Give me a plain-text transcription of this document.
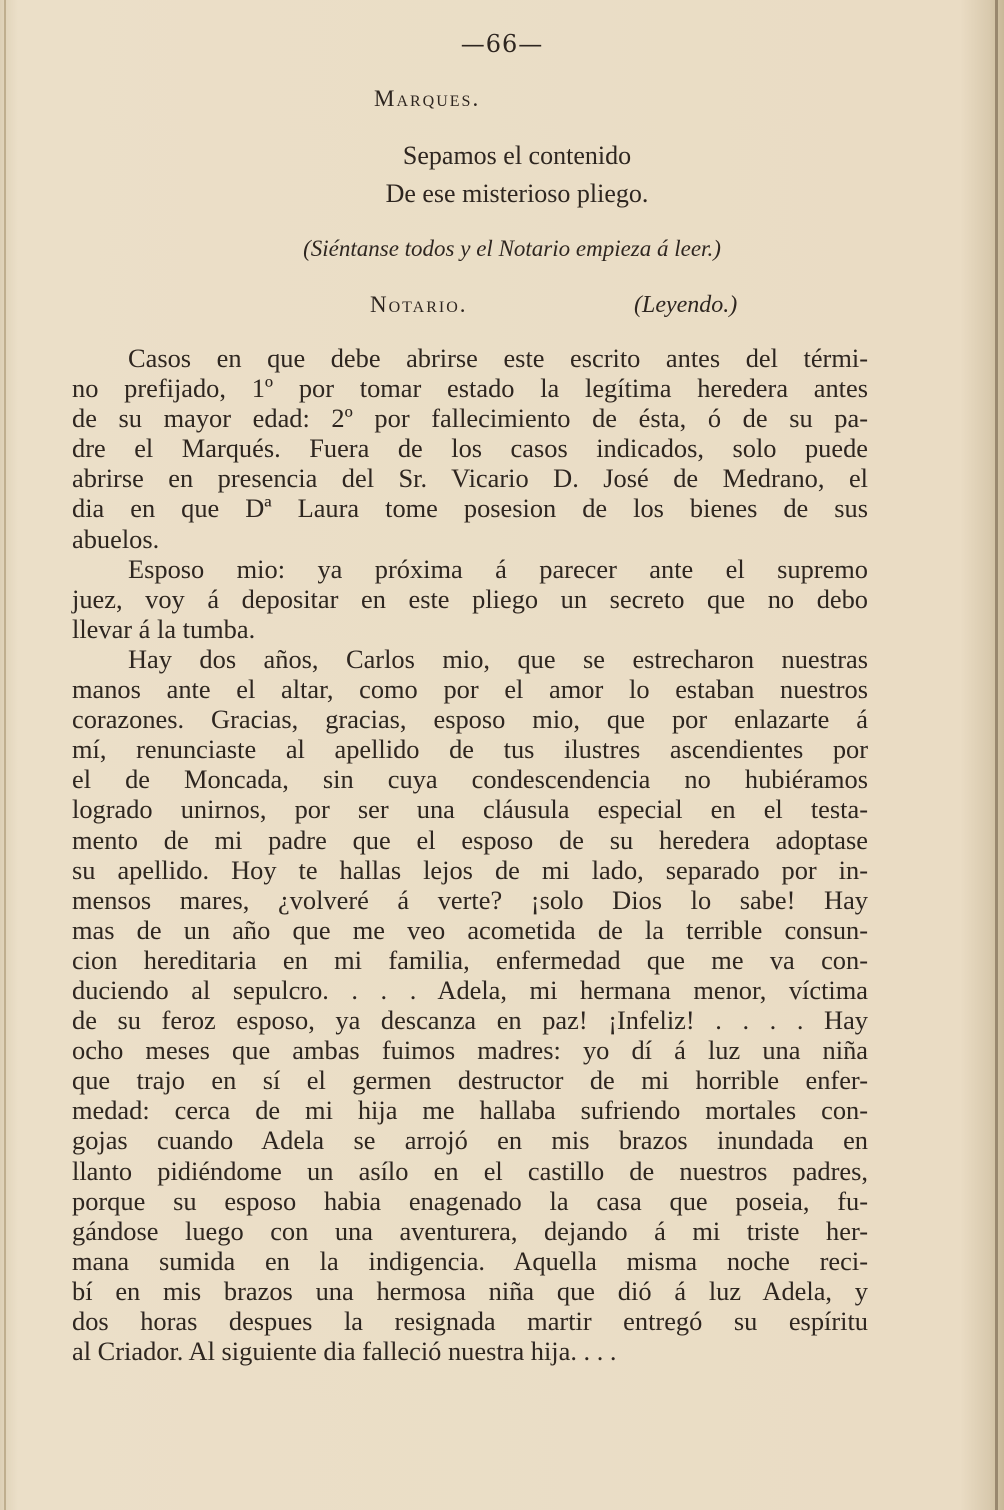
—66—
Marques.
Sepamos el contenido
De ese misterioso pliego.
(Siéntanse todos y el Notario empieza á leer.)
Notario.	(Leyendo.)

Casos en que debe abrirse este escrito antes del térmi-
no prefijado, 1º por tomar estado la legítima heredera antes
de su mayor edad: 2º por fallecimiento de ésta, ó de su pa-
dre el Marqués. Fuera de los casos indicados, solo puede
abrirse en presencia del Sr. Vicario D. José de Medrano, el
dia en que Dª Laura tome posesion de los bienes de sus
abuelos.

Esposo mio: ya próxima á parecer ante el supremo
juez, voy á depositar en este pliego un secreto que no debo
llevar á la tumba.

Hay dos años, Carlos mio, que se estrecharon nuestras
manos ante el altar, como por el amor lo estaban nuestros
corazones. Gracias, gracias, esposo mio, que por enlazarte á
mí, renunciaste al apellido de tus ilustres ascendientes por
el de Moncada, sin cuya condescendencia no hubiéramos
logrado unirnos, por ser una cláusula especial en el testa-
mento de mi padre que el esposo de su heredera adoptase
su apellido. Hoy te hallas lejos de mi lado, separado por in-
mensos mares, ¿volveré á verte? ¡solo Dios lo sabe! Hay
mas de un año que me veo acometida de la terrible consun-
cion hereditaria en mi familia, enfermedad que me va con-
duciendo al sepulcro. . . . Adela, mi hermana menor, víctima
de su feroz esposo, ya descanza en paz! ¡Infeliz! . . . . Hay
ocho meses que ambas fuimos madres: yo dí á luz una niña
que trajo en sí el germen destructor de mi horrible enfer-
medad: cerca de mi hija me hallaba sufriendo mortales con-
gojas cuando Adela se arrojó en mis brazos inundada en
llanto pidiéndome un asílo en el castillo de nuestros padres,
porque su esposo habia enagenado la casa que poseia, fu-
gándose luego con una aventurera, dejando á mi triste her-
mana sumida en la indigencia. Aquella misma noche reci-
bí en mis brazos una hermosa niña que dió á luz Adela, y
dos horas despues la resignada martir entregó su espíritu
al Criador. Al siguiente dia falleció nuestra hija. . . .
